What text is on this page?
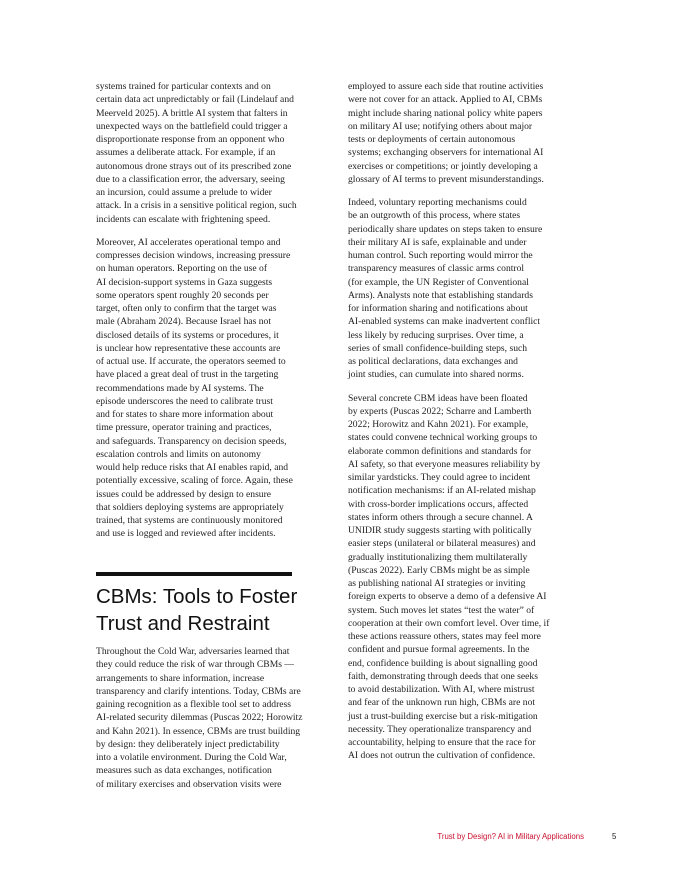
systems trained for particular contexts and on
certain data act unpredictably or fail (Lindelauf and
Meerveld 2025). A brittle AI system that falters in
unexpected ways on the battlefield could trigger a
disproportionate response from an opponent who
assumes a deliberate attack. For example, if an
autonomous drone strays out of its prescribed zone
due to a classification error, the adversary, seeing
an incursion, could assume a prelude to wider
attack. In a crisis in a sensitive political region, such
incidents can escalate with frightening speed.

Moreover, AI accelerates operational tempo and
compresses decision windows, increasing pressure
on human operators. Reporting on the use of
AI decision-support systems in Gaza suggests
some operators spent roughly 20 seconds per
target, often only to confirm that the target was
male (Abraham 2024). Because Israel has not
disclosed details of its systems or procedures, it
is unclear how representative these accounts are
of actual use. If accurate, the operators seemed to
have placed a great deal of trust in the targeting
recommendations made by AI systems. The
episode underscores the need to calibrate trust
and for states to share more information about
time pressure, operator training and practices,
and safeguards. Transparency on decision speeds,
escalation controls and limits on autonomy
would help reduce risks that AI enables rapid, and
potentially excessive, scaling of force. Again, these
issues could be addressed by design to ensure
that soldiers deploying systems are appropriately
trained, that systems are continuously monitored
and use is logged and reviewed after incidents.

CBMs: Tools to Foster
Trust and Restraint

Throughout the Cold War, adversaries learned that
they could reduce the risk of war through CBMs —
arrangements to share information, increase
transparency and clarify intentions. Today, CBMs are
gaining recognition as a flexible tool set to address
AI-related security dilemmas (Puscas 2022; Horowitz
and Kahn 2021). In essence, CBMs are trust building
by design: they deliberately inject predictability
into a volatile environment. During the Cold War,
measures such as data exchanges, notification
of military exercises and observation visits were

employed to assure each side that routine activities
were not cover for an attack. Applied to AI, CBMs
might include sharing national policy white papers
on military AI use; notifying others about major
tests or deployments of certain autonomous
systems; exchanging observers for international AI
exercises or competitions; or jointly developing a
glossary of AI terms to prevent misunderstandings.

Indeed, voluntary reporting mechanisms could
be an outgrowth of this process, where states
periodically share updates on steps taken to ensure
their military AI is safe, explainable and under
human control. Such reporting would mirror the
transparency measures of classic arms control
(for example, the UN Register of Conventional
Arms). Analysts note that establishing standards
for information sharing and notifications about
AI-enabled systems can make inadvertent conflict
less likely by reducing surprises. Over time, a
series of small confidence-building steps, such
as political declarations, data exchanges and
joint studies, can cumulate into shared norms.

Several concrete CBM ideas have been floated
by experts (Puscas 2022; Scharre and Lamberth
2022; Horowitz and Kahn 2021). For example,
states could convene technical working groups to
elaborate common definitions and standards for
AI safety, so that everyone measures reliability by
similar yardsticks. They could agree to incident
notification mechanisms: if an AI-related mishap
with cross-border implications occurs, affected
states inform others through a secure channel. A
UNIDIR study suggests starting with politically
easier steps (unilateral or bilateral measures) and
gradually institutionalizing them multilaterally
(Puscas 2022). Early CBMs might be as simple
as publishing national AI strategies or inviting
foreign experts to observe a demo of a defensive AI
system. Such moves let states “test the water” of
cooperation at their own comfort level. Over time, if
these actions reassure others, states may feel more
confident and pursue formal agreements. In the
end, confidence building is about signalling good
faith, demonstrating through deeds that one seeks
to avoid destabilization. With AI, where mistrust
and fear of the unknown run high, CBMs are not
just a trust-building exercise but a risk-mitigation
necessity. They operationalize transparency and
accountability, helping to ensure that the race for
AI does not outrun the cultivation of confidence.

Trust by Design? AI in Military Applications	5
